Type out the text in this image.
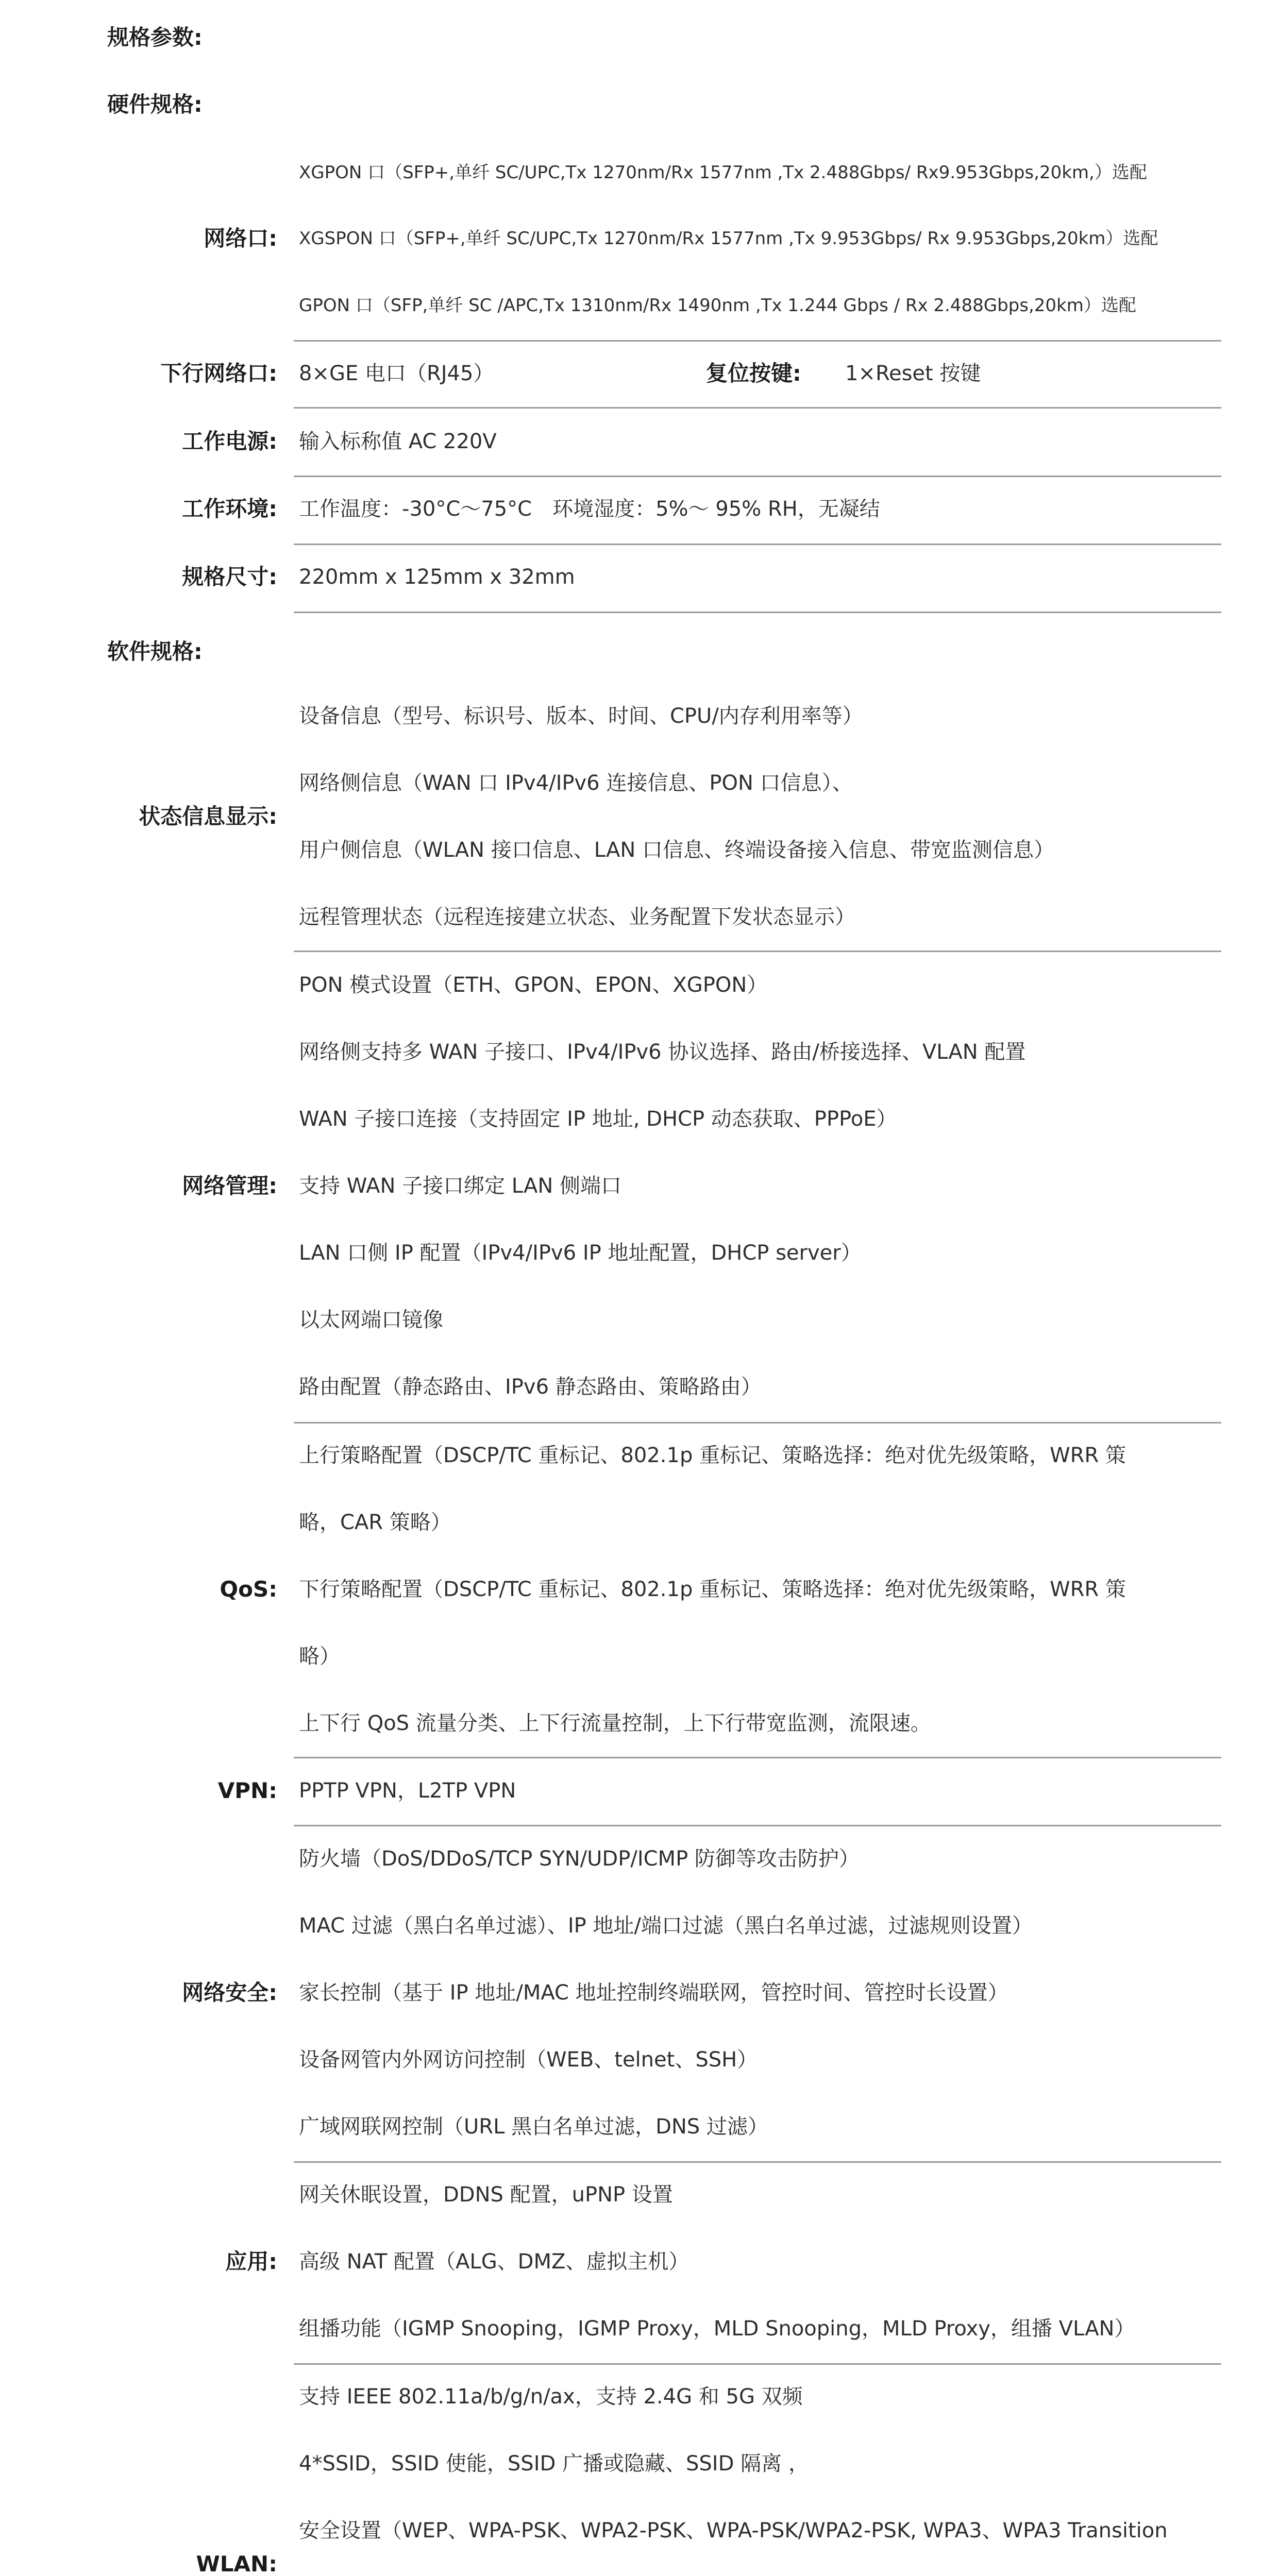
规格参数:
硬件规格:
XGPON 口（SFP+,单纤 SC/UPC,Tx 1270nm/Rx 1577nm ,Tx 2.488Gbps/ Rx9.953Gbps,20km,）选配
网络口: XGSPON 口（SFP+,单纤 SC/UPC,Tx 1270nm/Rx 1577nm ,Tx 9.953Gbps/ Rx 9.953Gbps,20km）选配
GPON 口（SFP,单纤 SC /APC,Tx 1310nm/Rx 1490nm ,Tx 1.244 Gbps / Rx 2.488Gbps,20km）选配
下行网络口: 8×GE 电口（RJ45）	复位按键: 1×Reset 按键
工作电源: 输入标称值 AC 220V
工作环境: 工作温度：-30°C～75°C　环境湿度：5%～ 95% RH，无凝结
规格尺寸: 220mm x 125mm x 32mm
软件规格:
设备信息（型号、标识号、版本、时间、CPU/内存利用率等）
网络侧信息（WAN 口 IPv4/IPv6 连接信息、PON 口信息）、
状态信息显示:
用户侧信息（WLAN 接口信息、LAN 口信息、终端设备接入信息、带宽监测信息）
远程管理状态（远程连接建立状态、业务配置下发状态显示）
PON 模式设置（ETH、GPON、EPON、XGPON）
网络侧支持多 WAN 子接口、IPv4/IPv6 协议选择、路由/桥接选择、VLAN 配置
WAN 子接口连接（支持固定 IP 地址, DHCP 动态获取、PPPoE）
网络管理: 支持 WAN 子接口绑定 LAN 侧端口
LAN 口侧 IP 配置（IPv4/IPv6 IP 地址配置，DHCP server）
以太网端口镜像
路由配置（静态路由、IPv6 静态路由、策略路由）
上行策略配置（DSCP/TC 重标记、802.1p 重标记、策略选择：绝对优先级策略，WRR 策
略，CAR 策略）
QoS: 下行策略配置（DSCP/TC 重标记、802.1p 重标记、策略选择：绝对优先级策略，WRR 策
略）
上下行 QoS 流量分类、上下行流量控制，上下行带宽监测，流限速。
VPN: PPTP VPN，L2TP VPN
防火墙（DoS/DDoS/TCP SYN/UDP/ICMP 防御等攻击防护）
MAC 过滤（黑白名单过滤）、IP 地址/端口过滤（黑白名单过滤，过滤规则设置）
网络安全: 家长控制（基于 IP 地址/MAC 地址控制终端联网，管控时间、管控时长设置）
设备网管内外网访问控制（WEB、telnet、SSH）
广域网联网控制（URL 黑白名单过滤，DNS 过滤）
网关休眠设置，DDNS 配置，uPNP 设置
应用: 高级 NAT 配置（ALG、DMZ、虚拟主机）
组播功能（IGMP Snooping，IGMP Proxy，MLD Snooping，MLD Proxy，组播 VLAN）
支持 IEEE 802.11a/b/g/n/ax，支持 2.4G 和 5G 双频
4*SSID，SSID 使能，SSID 广播或隐藏、SSID 隔离 ，
WLAN:
安全设置（WEP、WPA-PSK、WPA2-PSK、WPA-PSK/WPA2-PSK, WPA3、WPA3 Transition
